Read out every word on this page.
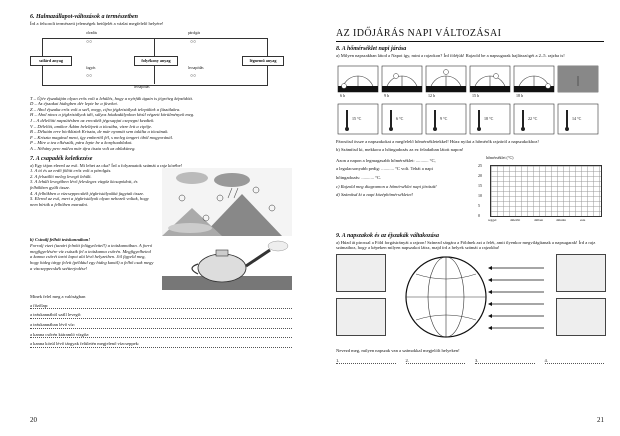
6. Halmazállapot-változások a természetben
Írd a felsorolt természeti jelenségek betűjelét a vázlat megfelelő helyére!
szilárd anyag	folyékony anyag	légnemű anyag
olvadás	párolgás
fagyás	lecsapódás
lecsapódás
○○	○○
○○	○○
T – Újév éjszakáján olyan erős volt a lehűlés, hogy a nyírfák ágain is jégréteg képződött.
D – Az éjszakai hidegben dér lepte be a füveket.
Z – Ahol éjszaka erős volt a szél, megy, cifra jégkristályok települtek a fűszálakra.
H – Ahol nincs a jégkristályok idő, súlyos hóakadályokon kívül végzett körülmények meg.
J – A délelőtti napsütésben az erecskék jégcsapjai csepegni kezdtek.
V – Délelőtt, amikor Ádám belelépett a tócsába, vízre lett a cipője.
B – Délután erre bicikliztek Kriszta, de már nyomát sem találta a tócsának.
F – Kriszta magával ment, így embertől fél, s meleg tengeri öböl mogyoránál.
P – Mire a tea elkészült, pára lepte be a konyhaablakot.
A – Néhány perc múlva már újra tiszta volt az ablaküveg.
7. A csapadék keletkezése
a) Egy tájon elered az eső. Mi lehet az oka? Írd a folyamatok számát a rajz körébe!
1. A tó és az erdő fölött erős volt a párolgás.
2. A felszálló meleg levegő lehűlt.
3. A lehűlt levegőben lévő felesleges vízgőz kicsapódott, és felhőkben gyűlt össze.
4. A felhőkben a vízcseppecskék jégkristályokká fagytak össze.
5. Elered az eső, mert a jégkristályok olyan nehezek voltak, hogy nem bírták a felhőben maradni.
b) Csinálj felhőt teáskannában!
Forralj vizet (tanári felnőtt felügyelettel!) a teáskannában. A forró megfigyelésére víz csúszik fel a teáskanna csőrén. Megfigyelheted a kanna csőrét tartó lapot alá lévő helyzetben. Jól figyeld meg, hogy hideg tárgy felett (például egy hideg kanál) a felhő csak megy a vízcseppecskék szétterjedése!
Minek felel meg a valóságban
a főzőlap:
a teáskannából száll levegő:
a teáskannában lévő víz:
a kanna csőrén kiáramló vízgőz:
a kanna körül lévő tárgyak felületén megjelenő vízcseppek:
20
AZ IDŐJÁRÁS NAPI VÁLTOZÁSAI
8. A hőmérséklet napi járása
a) Milyen napszakban látod a Napot így, mint a rajzokon? Írd föléjük! Rajzold be a napsugarak hajlásszögét a 2–5. rajzba is!
6 h	9 h	12 h	15 h	18 h
15 °C	6 °C	9 °C	18 °C	22 °C	14 °C
Párosítsd össze a napszakokat a megfelelő hőmérsékletekkel! Húzz nyilat a hőmérők rajzáról a napszakokhoz!
b) Számítsd ki, mekkora a hőingadozás az ez feladatban látott napon!
Azon a napon a legmagasabb hőmérséklet: ........... °C,
a legalacsonyabb pedig: ........... °C volt. Tehát a napi
hőingadozás: ........... °C.
c) Rajzold meg diagramon a hőmérséklet napi járását!
d) Számítsd ki a napi középhőmérsékletet!
hőmérséklet (°C)
25
20
15
10
5
0
reggel	délelőtt	délben	délután	este
9. A napszakok és az éjszakák váltakozása
a) Húzd át pirossal a Föld forgásirányát a rajzon! Színezd sárgára a Földnek azt a felét, amit ilyenkor megvilágítanak a napsugarak! Írd a rajz számaihoz, hogy a képeken milyen napszakot látsz, majd írd a helyek számát a rajzokba!
Nevezd meg, milyen napszak van a számokkal megjelölt helyeken!
1.	2.	3.	4.
21
